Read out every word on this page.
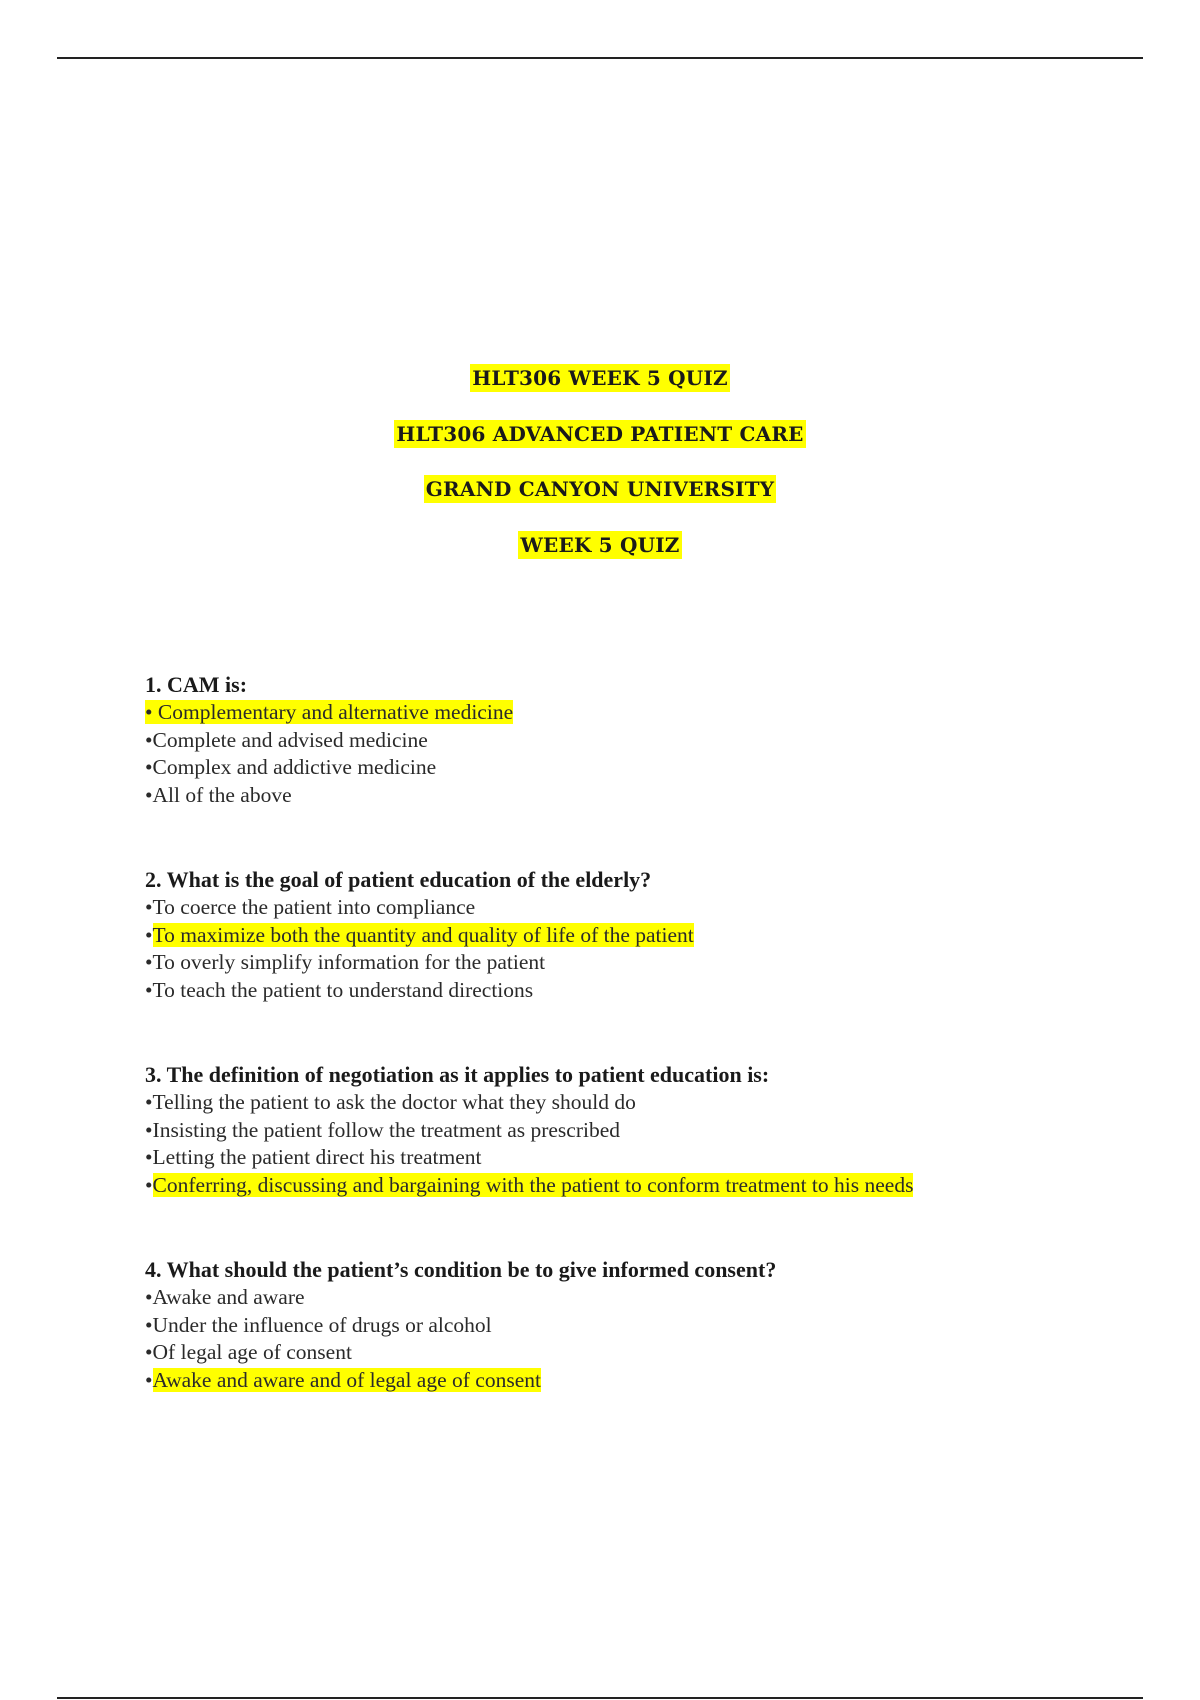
HLT306 WEEK 5 QUIZ
HLT306 ADVANCED PATIENT CARE
GRAND CANYON UNIVERSITY
WEEK 5 QUIZ
1. CAM is:
• Complementary and alternative medicine
•Complete and advised medicine
•Complex and addictive medicine
•All of the above
2. What is the goal of patient education of the elderly?
•To coerce the patient into compliance
•To maximize both the quantity and quality of life of the patient
•To overly simplify information for the patient
•To teach the patient to understand directions
3. The definition of negotiation as it applies to patient education is:
•Telling the patient to ask the doctor what they should do
•Insisting the patient follow the treatment as prescribed
•Letting the patient direct his treatment
•Conferring, discussing and bargaining with the patient to conform treatment to his needs
4. What should the patient’s condition be to give informed consent?
•Awake and aware
•Under the influence of drugs or alcohol
•Of legal age of consent
•Awake and aware and of legal age of consent
